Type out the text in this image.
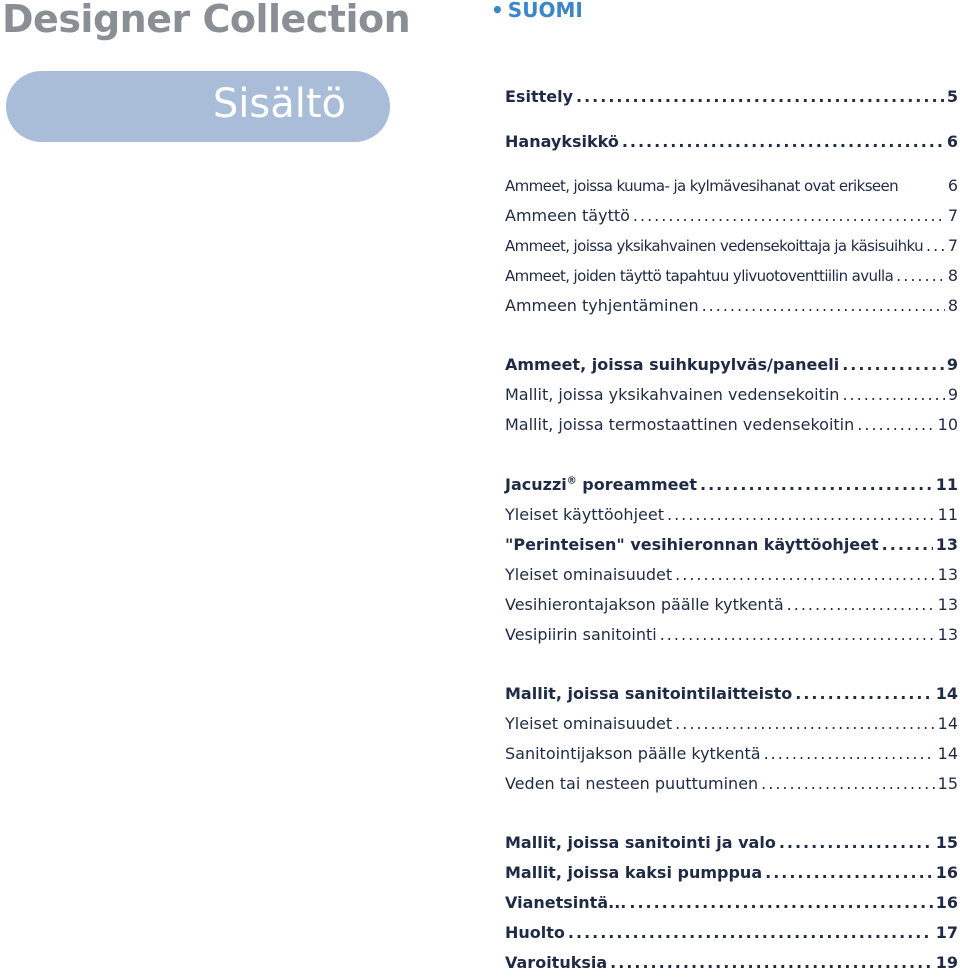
Designer Collection	• SUOMI
Sisältö	Esittely .....	5
Hanayksikkö .....	6
Ammeet, joissa kuuma- ja kylmävesihanat ovat erikseen	6
Ammeen täyttö .....	7
Ammeet, joissa yksikahvainen vedensekoittaja ja käsisuihku ..... 7
Ammeet, joiden täyttö tapahtuu ylivuotoventtiilin avulla .....	8
Ammeen tyhjentäminen .....	8
Ammeet, joissa suihkupylväs/paneeli .....	9
Mallit, joissa yksikahvainen vedensekoitin .....	9
Mallit, joissa termostaattinen vedensekoitin .....	10
Jacuzzi® poreammeet .....	11
Yleiset käyttöohjeet .....	11
"Perinteisen" vesihieronnan käyttöohjeet .....	13
Yleiset ominaisuudet .....	13
Vesihierontajakson päälle kytkentä .....	13
Vesipiirin sanitointi .....	13
Mallit, joissa sanitointilaitteisto .....	14
Yleiset ominaisuudet .....	14
Sanitointijakson päälle kytkentä .....	14
Veden tai nesteen puuttuminen .....	15
Mallit, joissa sanitointi ja valo .....	15
Mallit, joissa kaksi pumppua .....	16
Vianetsintä... .....	16
Huolto .....	17
Varoituksia .....	19
